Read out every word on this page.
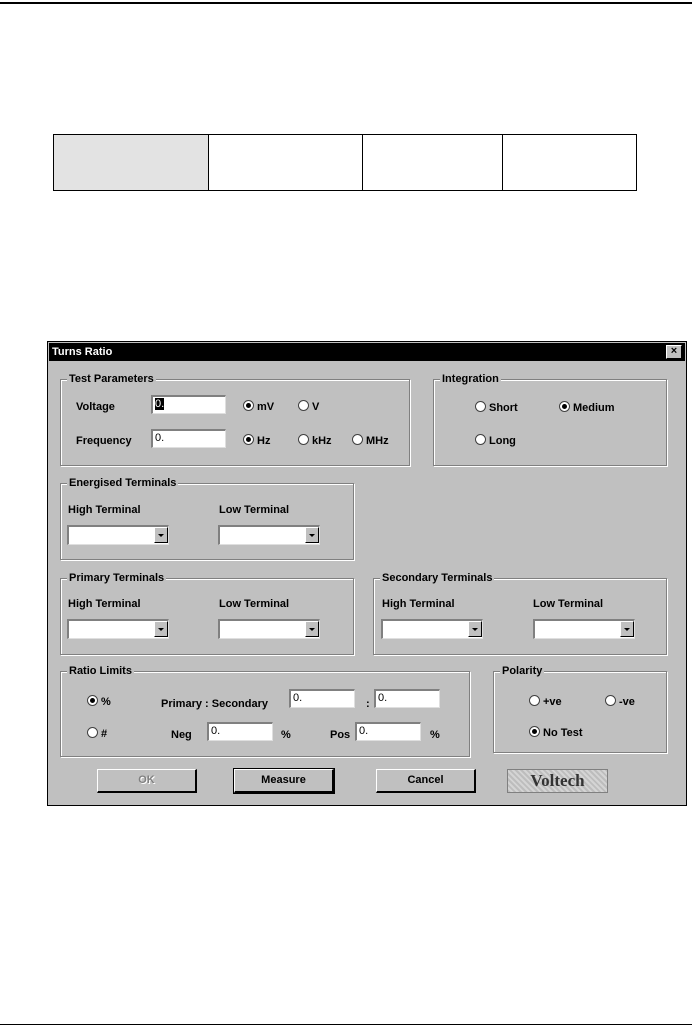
Turns Ratio	×
Test Parameters
Voltage	0.	mV	V
Frequency	0.	Hz	kHz	MHz
Integration
Short	Medium
Long
Energised Terminals
High Terminal	Low Terminal
Primary Terminals
High Terminal	Low Terminal
Secondary Terminals
High Terminal	Low Terminal
Ratio Limits
%
#
Primary : Secondary	0.	: 0.
Neg	0.	%	Pos 0.	%
Polarity
+ve	-ve
No Test
OK	Measure	Cancel	Voltech
